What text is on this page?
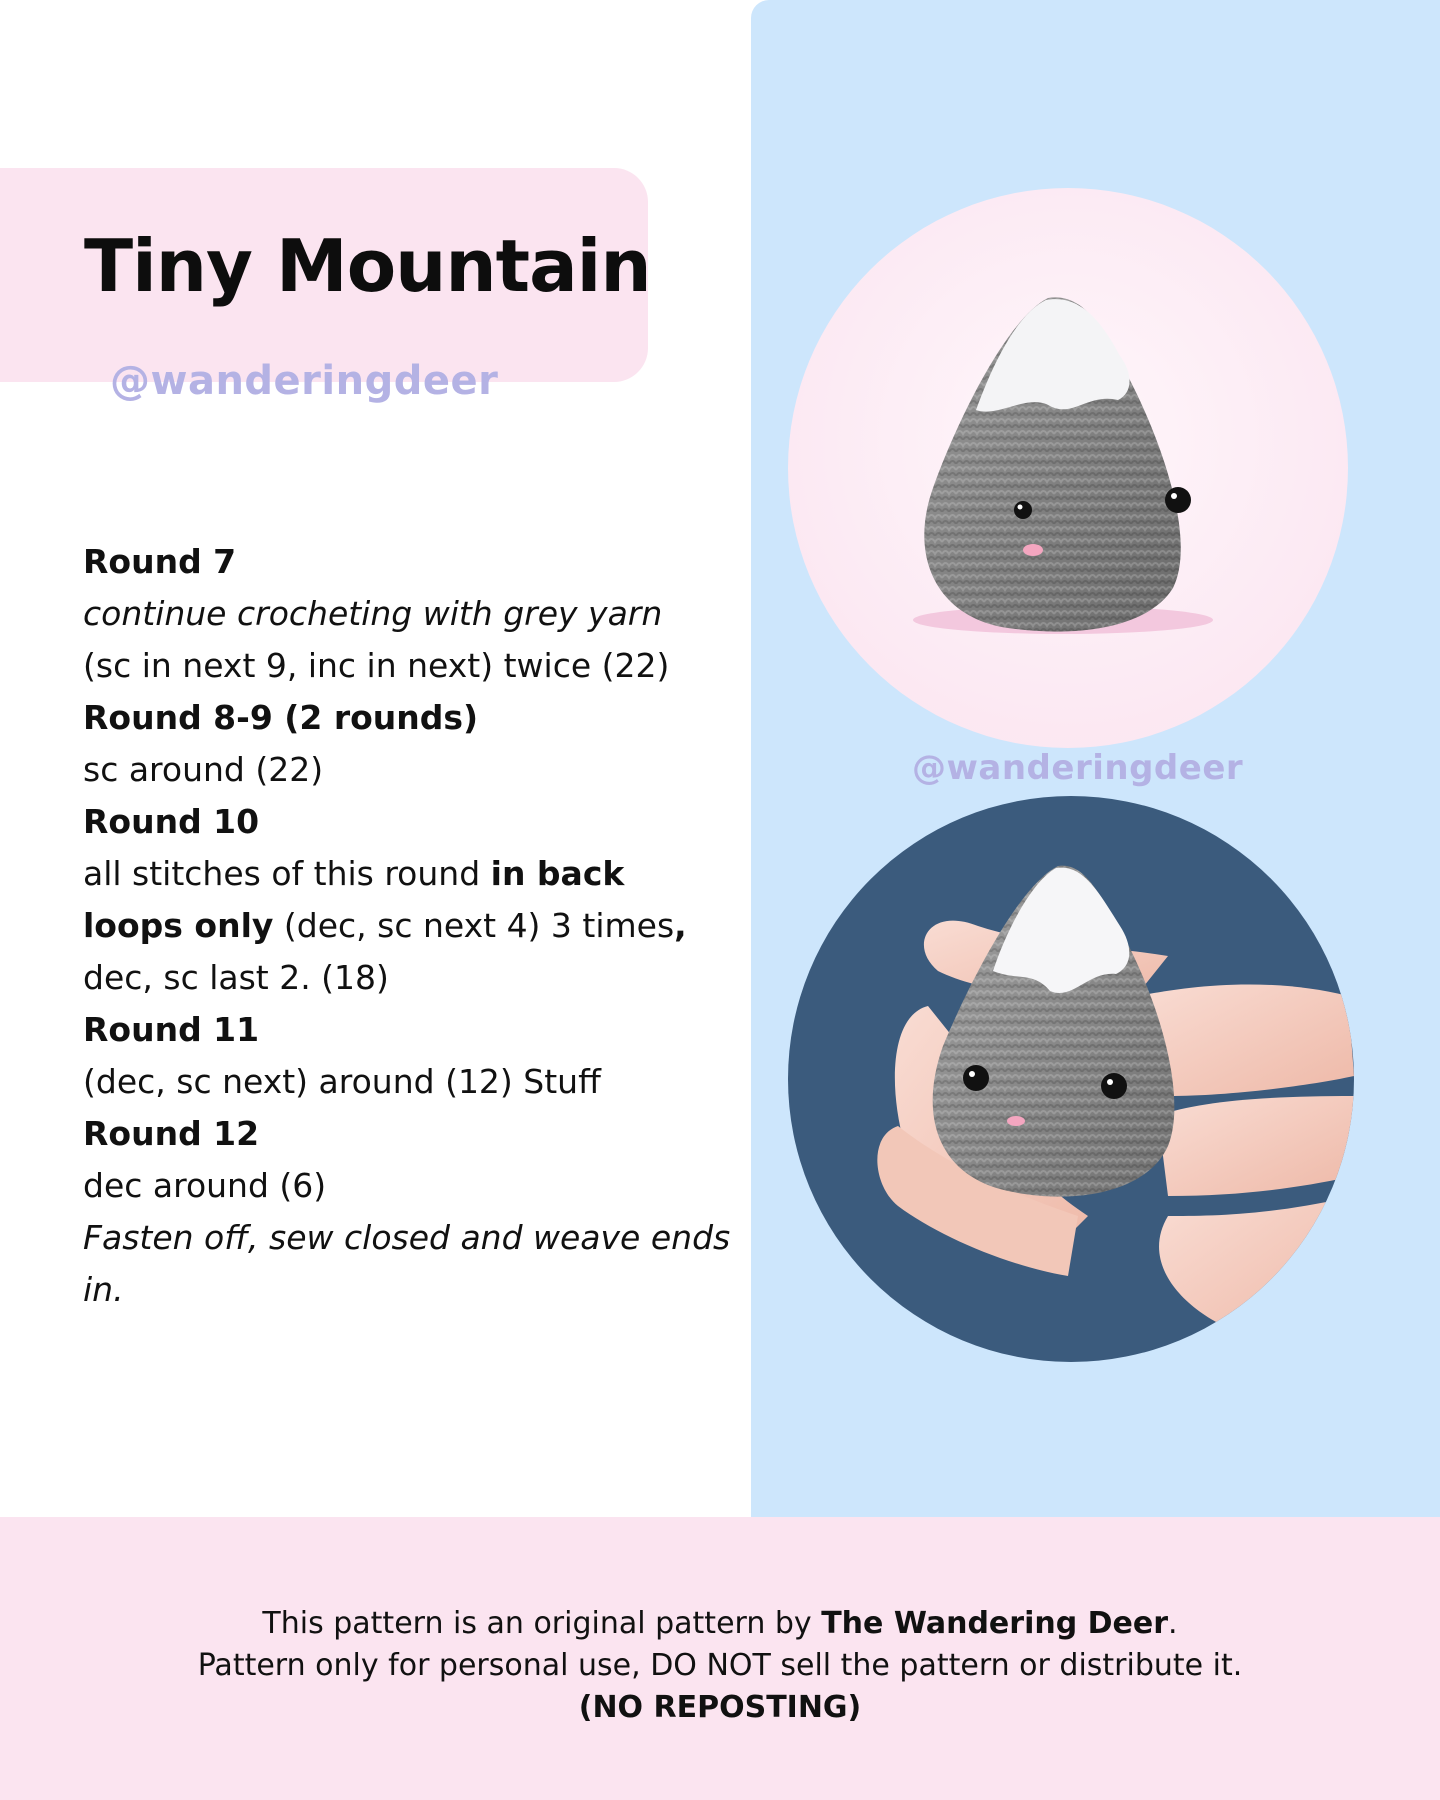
Tiny Mountain
@wanderingdeer
Round 7
continue crocheting with grey yarn
(sc in next 9, inc in next) twice (22)
Round 8-9 (2 rounds)
sc around (22)
Round 10
all stitches of this round in back
loops only (dec, sc next 4) 3 times,
dec, sc last 2. (18)
Round 11
(dec, sc next) around (12) Stuff
Round 12
dec around (6)
Fasten off, sew closed and weave ends
in.
@wanderingdeer
This pattern is an original pattern by The Wandering Deer.
Pattern only for personal use, DO NOT sell the pattern or distribute it.
(NO REPOSTING)
